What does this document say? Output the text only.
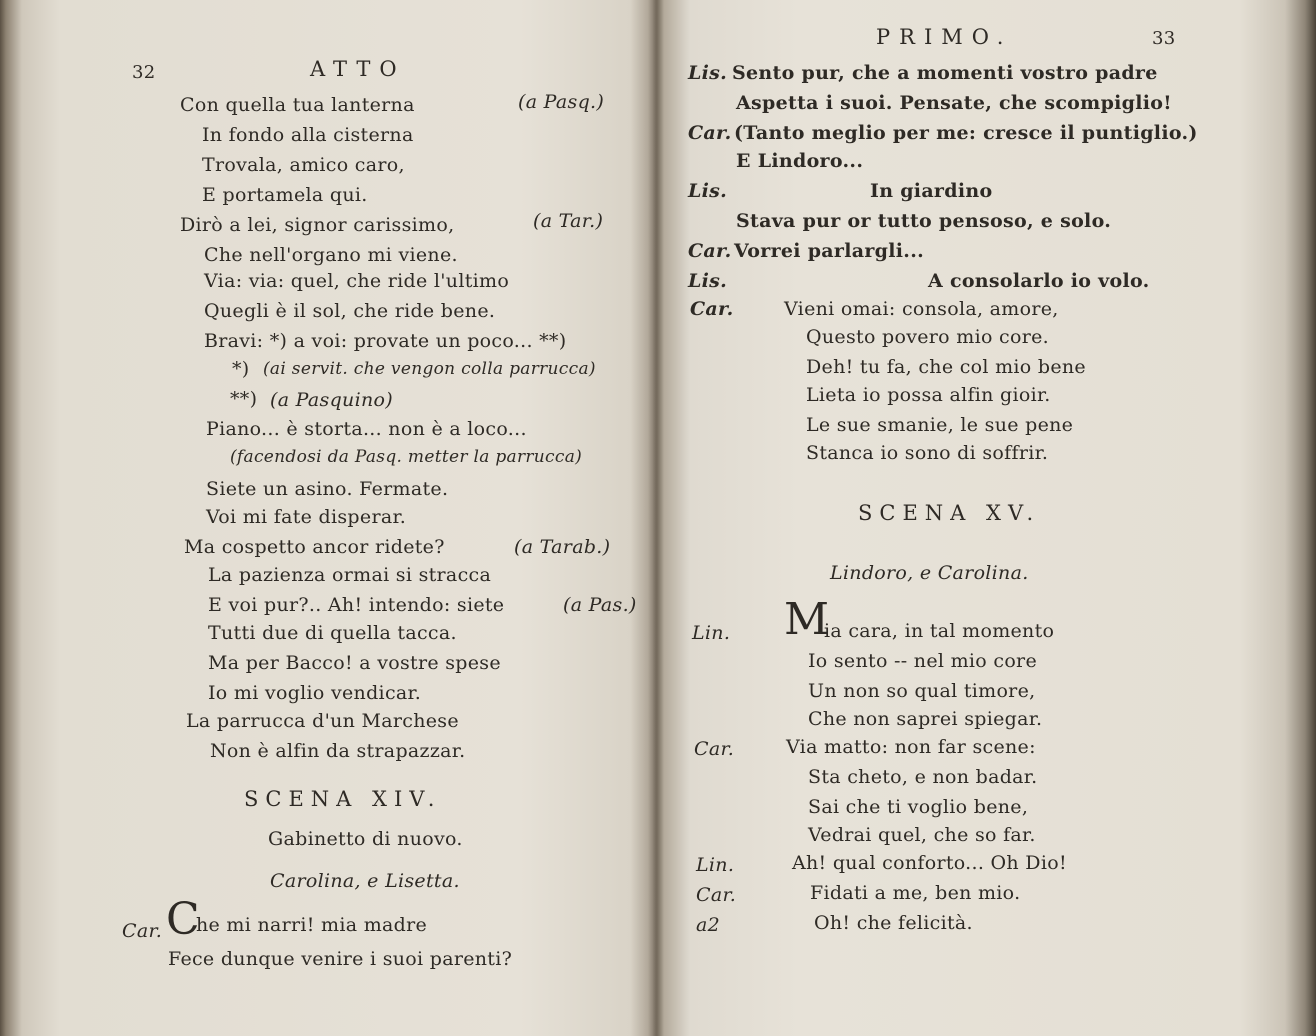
32	ATTO
Con quella tua lanterna	(a Pasq.)
In fondo alla cisterna
Trovala, amico caro,
E portamela qui.
Dirò a lei, signor carissimo,	(a Tar.)
Che nell'organo mi viene.
Via: via: quel, che ride l'ultimo
Quegli è il sol, che ride bene.
Bravi: *) a voi: provate un poco... **)
*) (ai servit. che vengon colla parrucca)
**) (a Pasquino)
Piano... è storta... non è a loco...
(facendosi da Pasq. metter la parrucca)
Siete un asino. Fermate.
Voi mi fate disperar.
Ma cospetto ancor ridete?	(a Tarab.)
La pazienza ormai si stracca
E voi pur?.. Ah! intendo: siete	(a Pas.)
Tutti due di quella tacca.
Ma per Bacco! a vostre spese
Io mi voglio vendicar.
La parrucca d'un Marchese
Non è alfin da strapazzar.
SCENA XIV.
Gabinetto di nuovo.
Carolina, e Lisetta.
Car. C
he mi narri! mia madre
Fece dunque venire i suoi parenti?
PRIMO.	33
Lis. Sento pur, che a momenti vostro padre
Aspetta i suoi. Pensate, che scompiglio!
Car. (Tanto meglio per me: cresce il puntiglio.)
E Lindoro...
Lis.	In giardino
Stava pur or tutto pensoso, e solo.
Car. Vorrei parlargli...
Lis.	A consolarlo io volo.
Car.	Vieni omai: consola, amore,
Questo povero mio core.
Deh! tu fa, che col mio bene
Lieta io possa alfin gioir.
Le sue smanie, le sue pene
Stanca io sono di soffrir.
SCENA XV.
Lindoro, e Carolina.
Lin. M
ia cara, in tal momento
Io sento -- nel mio core
Un non so qual timore,
Che non saprei spiegar.
Car.	Via matto: non far scene:
Sta cheto, e non badar.
Sai che ti voglio bene,
Vedrai quel, che so far.
Lin.	Ah! qual conforto... Oh Dio!
Car.	Fidati a me, ben mio.
a2	Oh! che felicità.
